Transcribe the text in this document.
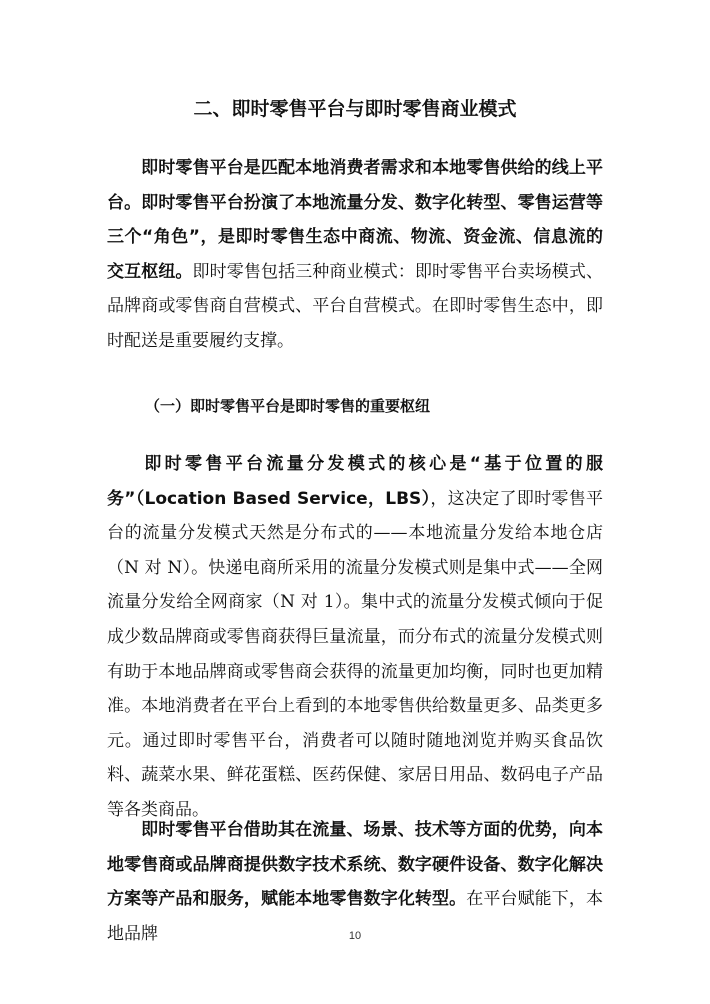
二、即时零售平台与即时零售商业模式

即时零售平台是匹配本地消费者需求和本地零售供给的线上平台。即时零售平台扮演了本地流量分发、数字化转型、零售运营等三个“角色”，是即时零售生态中商流、物流、资金流、信息流的交互枢纽。即时零售包括三种商业模式：即时零售平台卖场模式、品牌商或零售商自营模式、平台自营模式。在即时零售生态中，即时配送是重要履约支撑。

（一）即时零售平台是即时零售的重要枢纽

即时零售平台流量分发模式的核心是“基于位置的服务”（Location Based Service，LBS），这决定了即时零售平台的流量分发模式天然是分布式的——本地流量分发给本地仓店（N 对 N）。快递电商所采用的流量分发模式则是集中式——全网流量分发给全网商家（N 对 1）。集中式的流量分发模式倾向于促成少数品牌商或零售商获得巨量流量，而分布式的流量分发模式则有助于本地品牌商或零售商会获得的流量更加均衡，同时也更加精准。本地消费者在平台上看到的本地零售供给数量更多、品类更多元。通过即时零售平台，消费者可以随时随地浏览并购买食品饮料、蔬菜水果、鲜花蛋糕、医药保健、家居日用品、数码电子产品等各类商品。

即时零售平台借助其在流量、场景、技术等方面的优势，向本地零售商或品牌商提供数字技术系统、数字硬件设备、数字化解决方案等产品和服务，赋能本地零售数字化转型。在平台赋能下，本地品牌	10
